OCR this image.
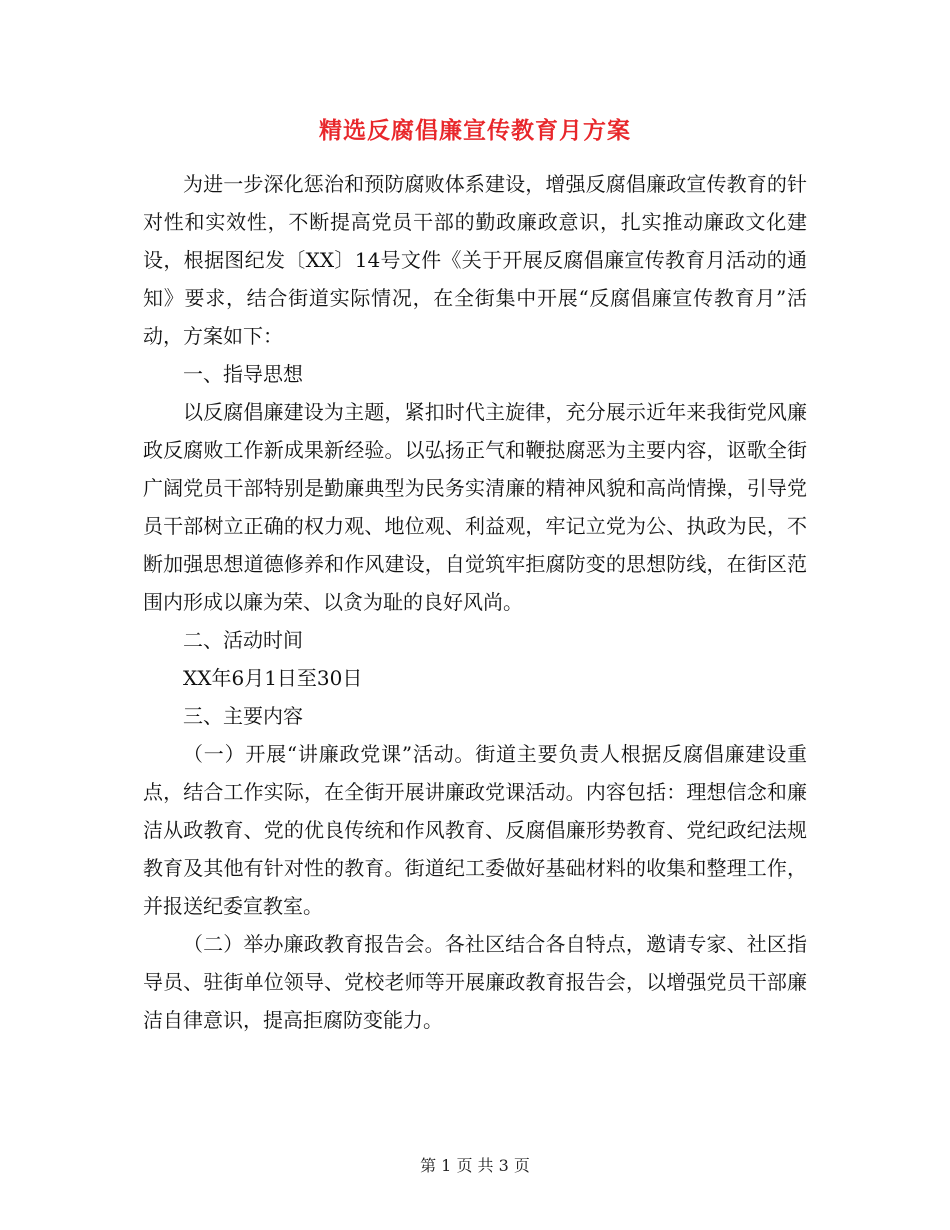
精选反腐倡廉宣传教育月方案

为进一步深化惩治和预防腐败体系建设，增强反腐倡廉政宣传教育的针对性和实效性，不断提高党员干部的勤政廉政意识，扎实推动廉政文化建设，根据图纪发〔XX〕14号文件《关于开展反腐倡廉宣传教育月活动的通知》要求，结合街道实际情况，在全街集中开展“反腐倡廉宣传教育月”活动，方案如下：

一、指导思想

以反腐倡廉建设为主题，紧扣时代主旋律，充分展示近年来我街党风廉政反腐败工作新成果新经验。以弘扬正气和鞭挞腐恶为主要内容，讴歌全街广阔党员干部特别是勤廉典型为民务实清廉的精神风貌和高尚情操，引导党员干部树立正确的权力观、地位观、利益观，牢记立党为公、执政为民，不断加强思想道德修养和作风建设，自觉筑牢拒腐防变的思想防线，在街区范围内形成以廉为荣、以贪为耻的良好风尚。

二、活动时间

XX年6月1日至30日

三、主要内容

（一）开展“讲廉政党课”活动。街道主要负责人根据反腐倡廉建设重点，结合工作实际，在全街开展讲廉政党课活动。内容包括：理想信念和廉洁从政教育、党的优良传统和作风教育、反腐倡廉形势教育、党纪政纪法规教育及其他有针对性的教育。街道纪工委做好基础材料的收集和整理工作，并报送纪委宣教室。

（二）举办廉政教育报告会。各社区结合各自特点，邀请专家、社区指导员、驻街单位领导、党校老师等开展廉政教育报告会，以增强党员干部廉洁自律意识，提高拒腐防变能力。

第 1 页 共 3 页
